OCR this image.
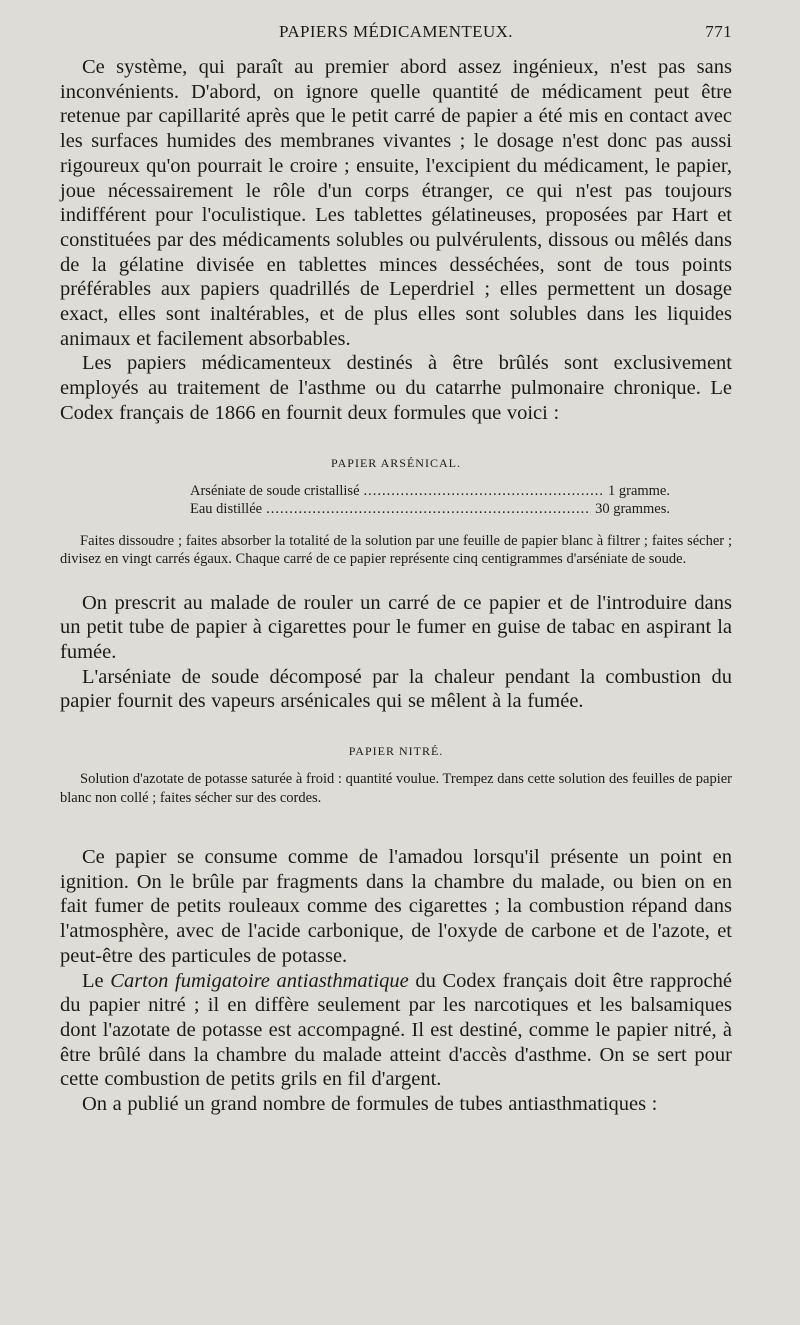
PAPIERS MÉDICAMENTEUX.	771

Ce système, qui paraît au premier abord assez ingénieux, n'est pas sans inconvénients. D'abord, on ignore quelle quantité de médicament peut être retenue par capillarité après que le petit carré de papier a été mis en contact avec les surfaces humides des membranes vivantes ; le dosage n'est donc pas aussi rigoureux qu'on pourrait le croire ; ensuite, l'excipient du médicament, le papier, joue nécessairement le rôle d'un corps étranger, ce qui n'est pas toujours indifférent pour l'oculistique. Les tablettes gélatineuses, proposées par Hart et constituées par des médicaments solubles ou pulvérulents, dissous ou mêlés dans de la gélatine divisée en tablettes minces desséchées, sont de tous points préférables aux papiers quadrillés de Leperdriel ; elles permettent un dosage exact, elles sont inaltérables, et de plus elles sont solubles dans les liquides animaux et facilement absorbables.

Les papiers médicamenteux destinés à être brûlés sont exclusivement employés au traitement de l'asthme ou du catarrhe pulmonaire chronique. Le Codex français de 1866 en fournit deux formules que voici :

PAPIER ARSÉNICAL.
Arséniate de soude cristallisé .....	1 gramme.
Eau distillée .....	30 grammes.

Faites dissoudre ; faites absorber la totalité de la solution par une feuille de papier blanc à filtrer ; faites sécher ; divisez en vingt carrés égaux. Chaque carré de ce papier représente cinq centigrammes d'arséniate de soude.

On prescrit au malade de rouler un carré de ce papier et de l'introduire dans un petit tube de papier à cigarettes pour le fumer en guise de tabac en aspirant la fumée.

L'arséniate de soude décomposé par la chaleur pendant la combustion du papier fournit des vapeurs arsénicales qui se mêlent à la fumée.

PAPIER NITRÉ.

Solution d'azotate de potasse saturée à froid : quantité voulue. Trempez dans cette solution des feuilles de papier blanc non collé ; faites sécher sur des cordes.

Ce papier se consume comme de l'amadou lorsqu'il présente un point en ignition. On le brûle par fragments dans la chambre du malade, ou bien on en fait fumer de petits rouleaux comme des cigarettes ; la combustion répand dans l'atmosphère, avec de l'acide carbonique, de l'oxyde de carbone et de l'azote, et peut-être des particules de potasse.

Le Carton fumigatoire antiasthmatique du Codex français doit être rapproché du papier nitré ; il en diffère seulement par les narcotiques et les balsamiques dont l'azotate de potasse est accompagné. Il est destiné, comme le papier nitré, à être brûlé dans la chambre du malade atteint d'accès d'asthme. On se sert pour cette combustion de petits grils en fil d'argent.

On a publié un grand nombre de formules de tubes antiasthmatiques :
